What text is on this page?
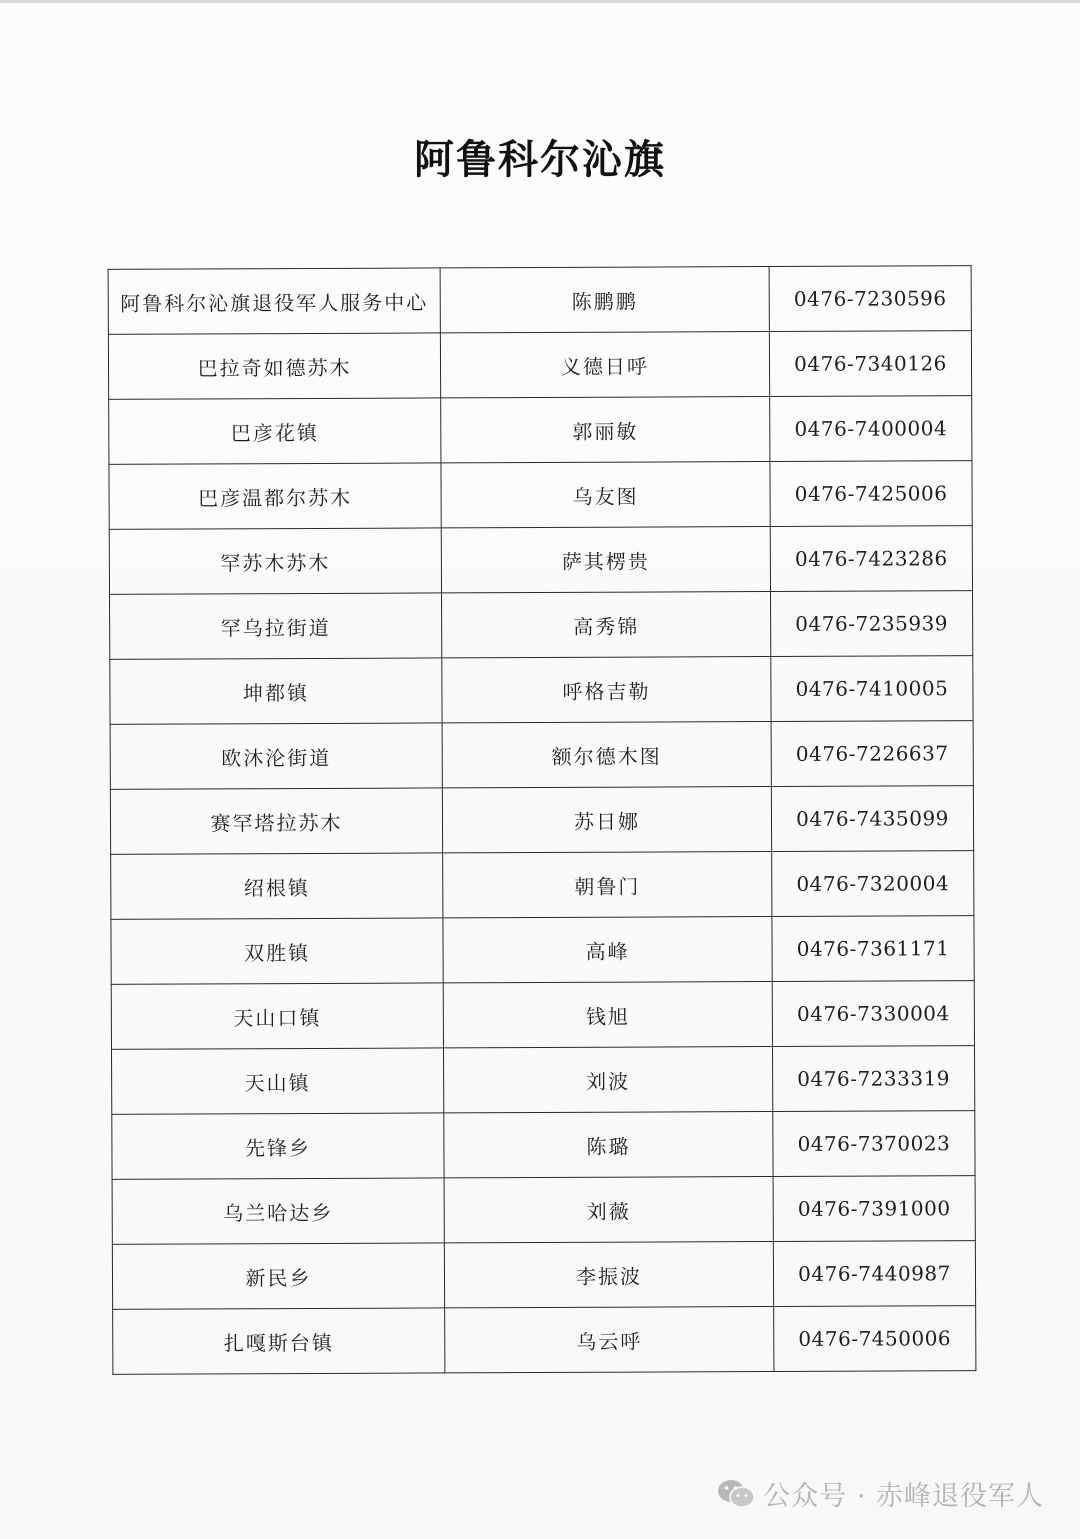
阿鲁科尔沁旗
阿鲁科尔沁旗退役军人服务中心	陈鹏鹏	0476-7230596
巴拉奇如德苏木	义德日呼	0476-7340126
巴彦花镇	郭丽敏	0476-7400004
巴彦温都尔苏木	乌友图	0476-7425006
罕苏木苏木	萨其楞贵	0476-7423286
罕乌拉街道	高秀锦	0476-7235939
坤都镇	呼格吉勒	0476-7410005
欧沐沦街道	额尔德木图	0476-7226637
赛罕塔拉苏木	苏日娜	0476-7435099
绍根镇	朝鲁门	0476-7320004
双胜镇	高峰	0476-7361171
天山口镇	钱旭	0476-7330004
天山镇	刘波	0476-7233319
先锋乡	陈璐	0476-7370023
乌兰哈达乡	刘薇	0476-7391000
新民乡	李振波	0476-7440987
扎嘎斯台镇	乌云呼	0476-7450006
公众号 · 赤峰退役军人
